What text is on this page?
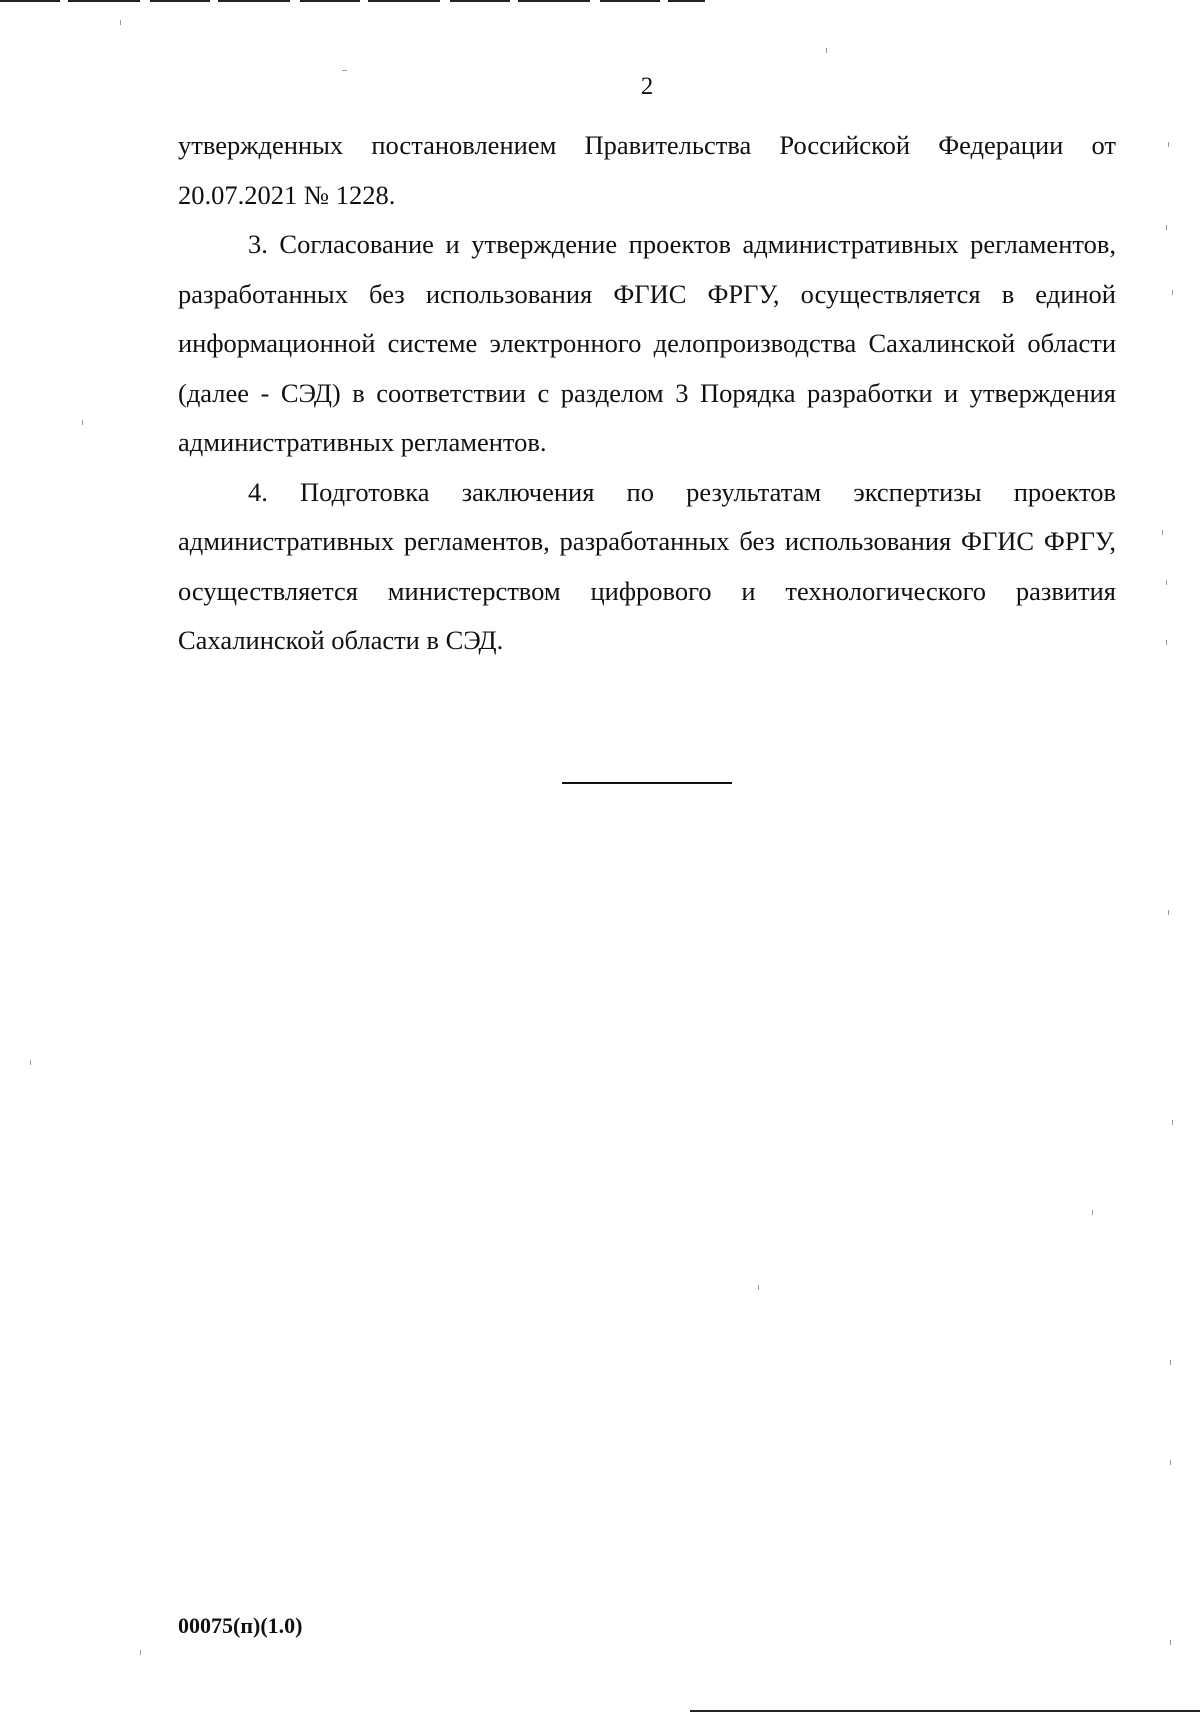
2

утвержденных постановлением Правительства Российской Федерации от 20.07.2021 № 1228.

3. Согласование и утверждение проектов административных регламентов, разработанных без использования ФГИС ФРГУ, осуществляется в единой информационной системе электронного делопроизводства Сахалинской области (далее - СЭД) в соответствии с разделом 3 Порядка разработки и утверждения административных регламентов.

4. Подготовка заключения по результатам экспертизы проектов административных регламентов, разработанных без использования ФГИС ФРГУ, осуществляется министерством цифрового и технологического развития Сахалинской области в СЭД.

00075(п)(1.0)
